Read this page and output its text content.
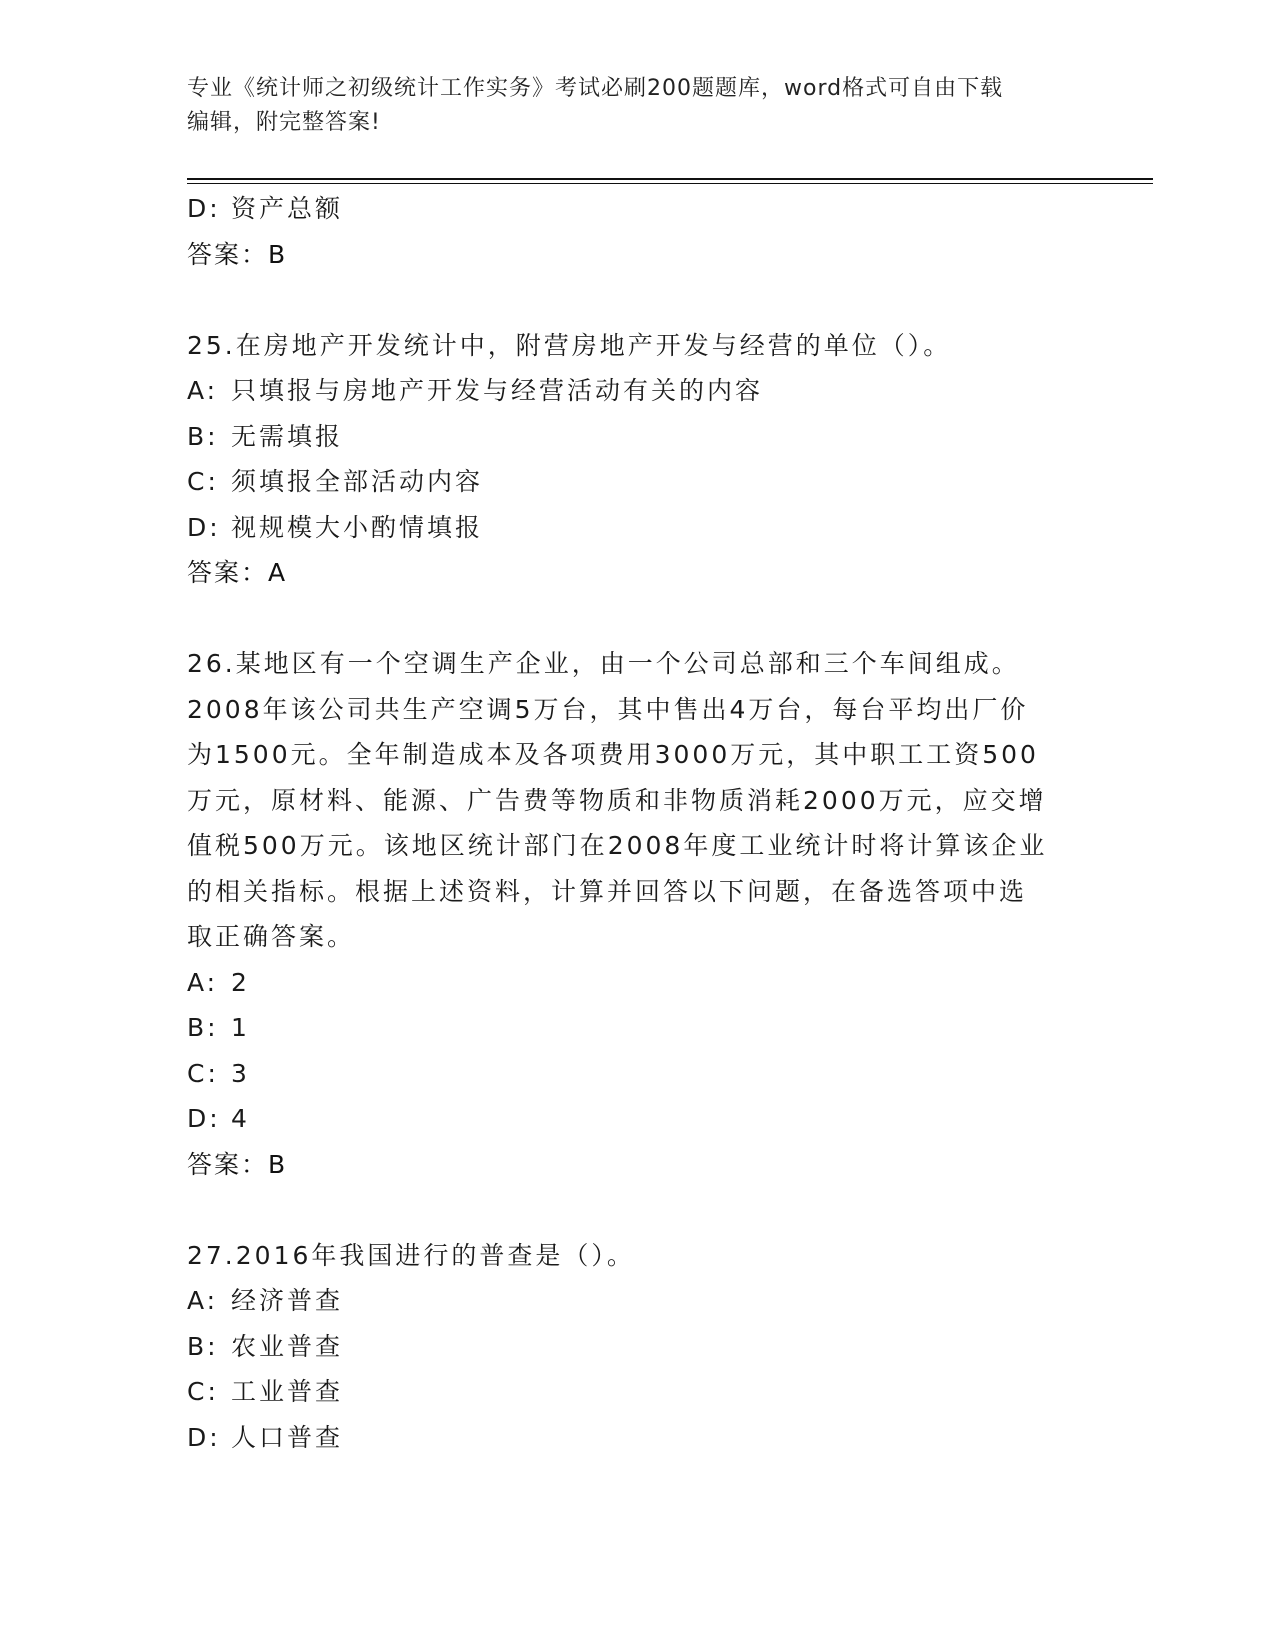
专业《统计师之初级统计工作实务》考试必刷200题题库，word格式可自由下载
编辑，附完整答案!
D: 资产总额
答案：B
25.在房地产开发统计中，附营房地产开发与经营的单位（）。
A: 只填报与房地产开发与经营活动有关的内容
B: 无需填报
C: 须填报全部活动内容
D: 视规模大小酌情填报
答案：A
26.某地区有一个空调生产企业，由一个公司总部和三个车间组成。
2008年该公司共生产空调5万台，其中售出4万台，每台平均出厂价
为1500元。全年制造成本及各项费用3000万元，其中职工工资500
万元，原材料、能源、广告费等物质和非物质消耗2000万元，应交增
值税500万元。该地区统计部门在2008年度工业统计时将计算该企业
的相关指标。根据上述资料，计算并回答以下问题，在备选答项中选
取正确答案。
A: 2
B: 1
C: 3
D: 4
答案：B
27.2016年我国进行的普查是（）。
A: 经济普查
B: 农业普查
C: 工业普查
D: 人口普查
